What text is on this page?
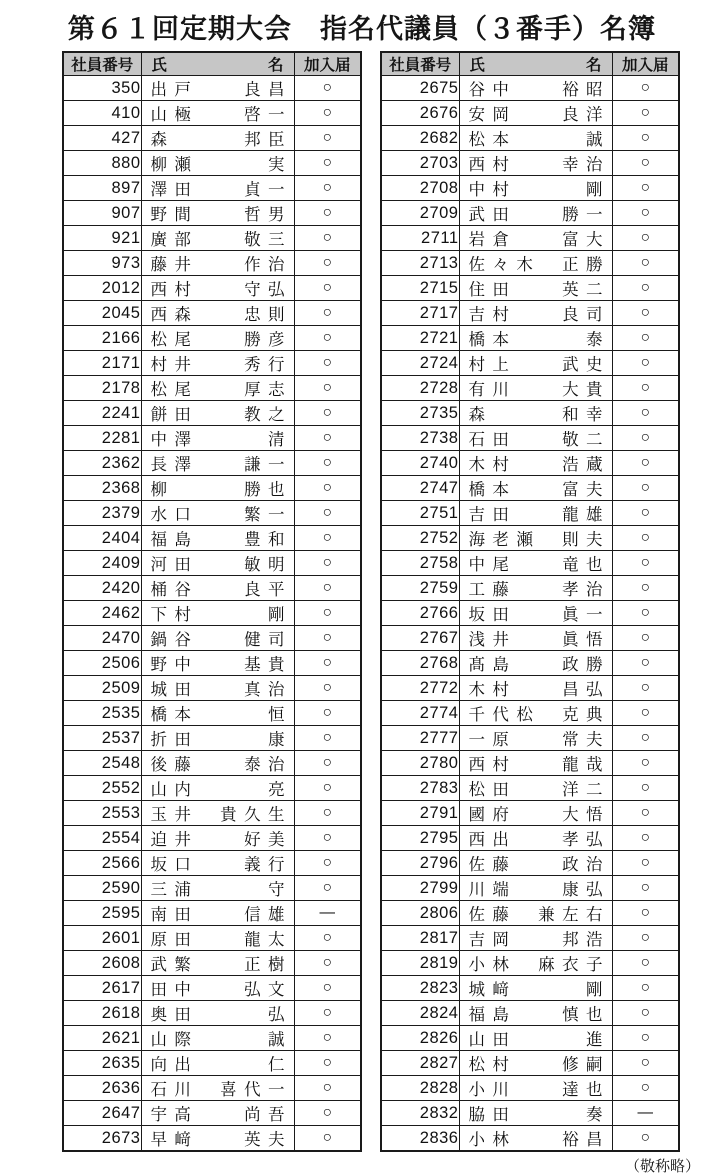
第６１回定期大会　指名代議員（３番手）名簿
社員番号	氏 名	加入届
350	出戸 良昌	○
410	山極 啓一	○
427	森 邦臣	○
880	柳瀬 実	○
897	澤田 貞一	○
907	野間 哲男	○
921	廣部 敬三	○
973	藤井 作治	○
2012	西村 守弘	○
2045	西森 忠則	○
2166	松尾 勝彦	○
2171	村井 秀行	○
2178	松尾 厚志	○
2241	餅田 教之	○
2281	中澤 清	○
2362	長澤 謙一	○
2368	柳 勝也	○
2379	水口 繁一	○
2404	福島 豊和	○
2409	河田 敏明	○
2420	桶谷 良平	○
2462	下村 剛	○
2470	鍋谷 健司	○
2506	野中 基貴	○
2509	城田 真治	○
2535	橋本 恒	○
2537	折田 康	○
2548	後藤 泰治	○
2552	山内 亮	○
2553	玉井 貴久生	○
2554	迫井 好美	○
2566	坂口 義行	○
2590	三浦 守	○
2595	南田 信雄	—
2601	原田 龍太	○
2608	武繁 正樹	○
2617	田中 弘文	○
2618	奥田 弘	○
2621	山際 誠	○
2635	向出 仁	○
2636	石川 喜代一	○
2647	宇高 尚吾	○
2673	早﨑 英夫	○
社員番号	氏 名	加入届
2675	谷中 裕昭	○
2676	安岡 良洋	○
2682	松本 誠	○
2703	西村 幸治	○
2708	中村 剛	○
2709	武田 勝一	○
2711	岩倉 富大	○
2713	佐々木 正勝	○
2715	住田 英二	○
2717	吉村 良司	○
2721	橋本 泰	○
2724	村上 武史	○
2728	有川 大貴	○
2735	森 和幸	○
2738	石田 敬二	○
2740	木村 浩蔵	○
2747	橋本 富夫	○
2751	吉田 龍雄	○
2752	海老瀬 則夫	○
2758	中尾 竜也	○
2759	工藤 孝治	○
2766	坂田 眞一	○
2767	浅井 眞悟	○
2768	髙島 政勝	○
2772	木村 昌弘	○
2774	千代松 克典	○
2777	一原 常夫	○
2780	西村 龍哉	○
2783	松田 洋二	○
2791	國府 大悟	○
2795	西出 孝弘	○
2796	佐藤 政治	○
2799	川端 康弘	○
2806	佐藤 兼左右	○
2817	吉岡 邦浩	○
2819	小林 麻衣子	○
2823	城﨑 剛	○
2824	福島 慎也	○
2826	山田 進	○
2827	松村 修嗣	○
2828	小川 達也	○
2832	脇田 奏	—
2836	小林 裕昌	○
（敬称略）
